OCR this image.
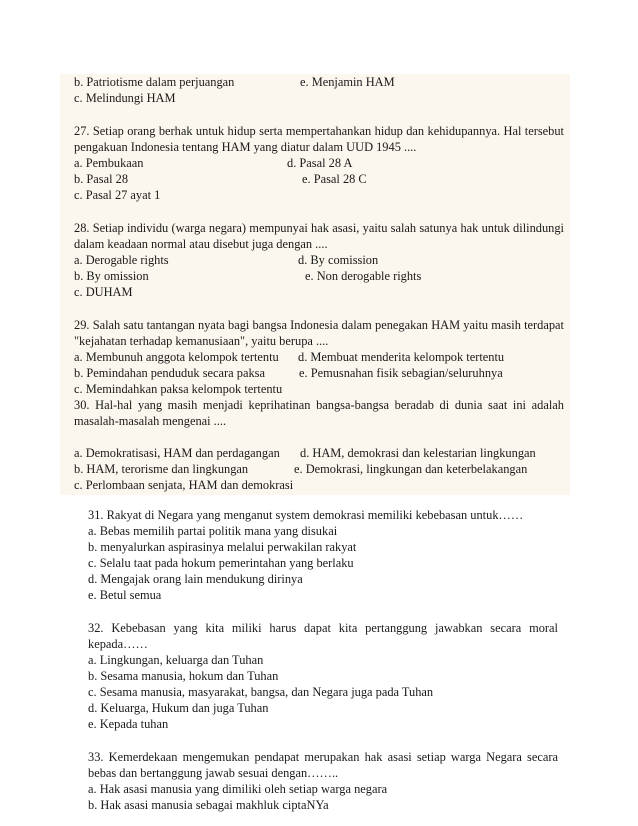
b. Patriotisme dalam perjuangan	e. Menjamin HAM
c. Melindungi HAM
27. Setiap orang berhak untuk hidup serta mempertahankan hidup dan kehidupannya. Hal tersebut pengakuan Indonesia tentang HAM yang diatur dalam UUD 1945 ....
a. Pembukaan	d. Pasal 28 A
b. Pasal 28	e. Pasal 28 C
c. Pasal 27 ayat 1
28. Setiap individu (warga negara) mempunyai hak asasi, yaitu salah satunya hak untuk dilindungi dalam keadaan normal atau disebut juga dengan ....
a. Derogable rights	d. By comission
b. By omission	e. Non derogable rights
c. DUHAM
29. Salah satu tantangan nyata bagi bangsa Indonesia dalam penegakan HAM yaitu masih terdapat "kejahatan terhadap kemanusiaan", yaitu berupa ....
a. Membunuh anggota kelompok tertentu d. Membuat menderita kelompok tertentu
b. Pemindahan penduduk secara paksa	e. Pemusnahan fisik sebagian/seluruhnya
c. Memindahkan paksa kelompok tertentu
30. Hal-hal yang masih menjadi keprihatinan bangsa-bangsa beradab di dunia saat ini adalah masalah-masalah mengenai ....
a. Demokratisasi, HAM dan perdagangan d. HAM, demokrasi dan kelestarian lingkungan
b. HAM, terorisme dan lingkungan	e. Demokrasi, lingkungan dan keterbelakangan
c. Perlombaan senjata, HAM dan demokrasi
31. Rakyat di Negara yang menganut system demokrasi memiliki kebebasan untuk……
a. Bebas memilih partai politik mana yang disukai
b. menyalurkan aspirasinya melalui perwakilan rakyat
c. Selalu taat pada hokum pemerintahan yang berlaku
d. Mengajak orang lain mendukung dirinya
e. Betul semua
32. Kebebasan yang kita miliki harus dapat kita pertanggung jawabkan secara moral kepada……
a. Lingkungan, keluarga dan Tuhan
b. Sesama manusia, hokum dan Tuhan
c. Sesama manusia, masyarakat, bangsa, dan Negara juga pada Tuhan
d. Keluarga, Hukum dan juga Tuhan
e. Kepada tuhan
33. Kemerdekaan mengemukan pendapat merupakan hak asasi setiap warga Negara secara bebas dan bertanggung jawab sesuai dengan……..
a. Hak asasi manusia yang dimiliki oleh setiap warga negara
b. Hak asasi manusia sebagai makhluk ciptaNYa
